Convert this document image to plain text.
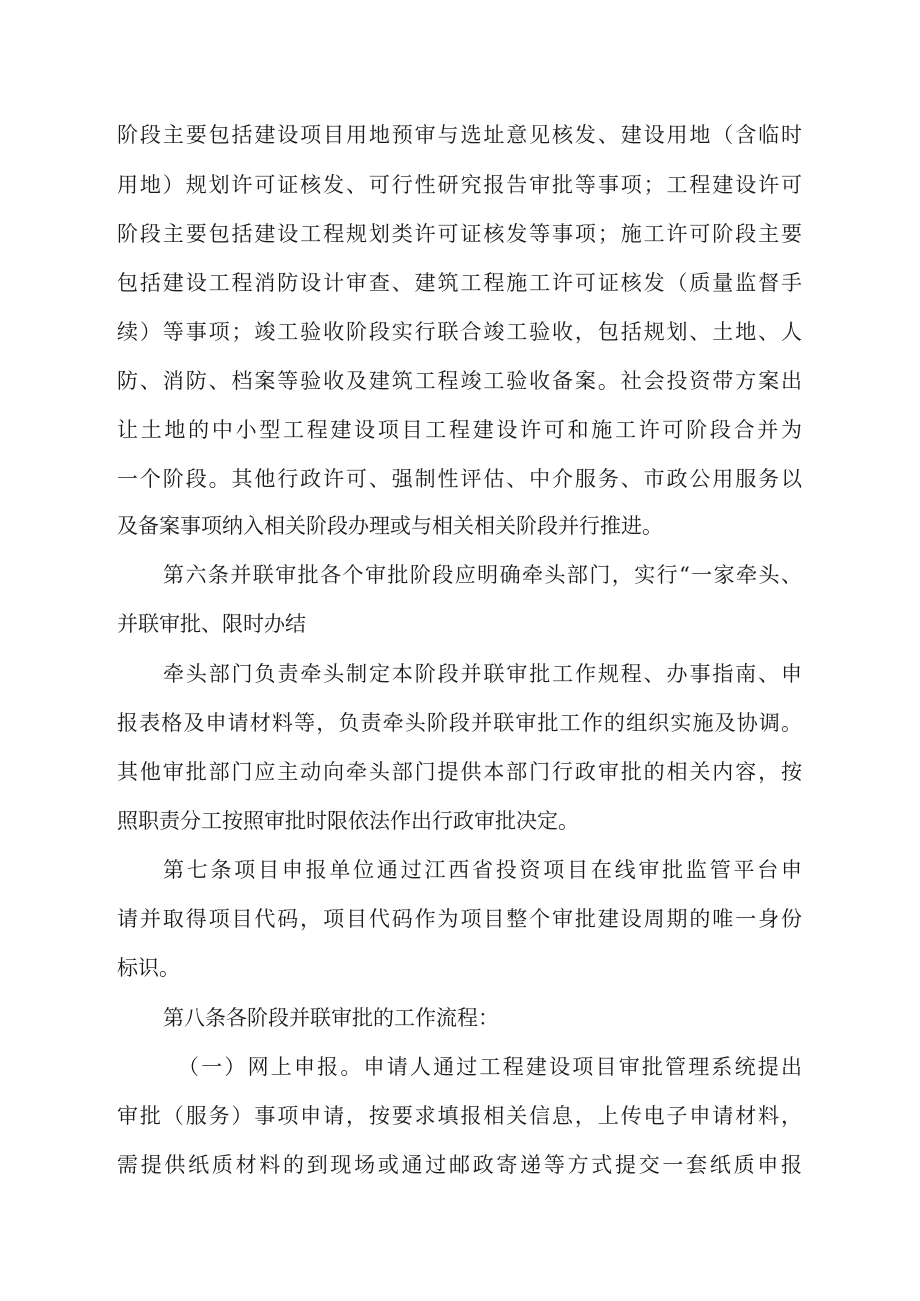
阶段主要包括建设项目用地预审与选址意见核发、建设用地（含临时
用地）规划许可证核发、可行性研究报告审批等事项；工程建设许可
阶段主要包括建设工程规划类许可证核发等事项；施工许可阶段主要
包括建设工程消防设计审查、建筑工程施工许可证核发（质量监督手
续）等事项；竣工验收阶段实行联合竣工验收，包括规划、土地、人
防、消防、档案等验收及建筑工程竣工验收备案。社会投资带方案出
让土地的中小型工程建设项目工程建设许可和施工许可阶段合并为
一个阶段。其他行政许可、强制性评估、中介服务、市政公用服务以
及备案事项纳入相关阶段办理或与相关相关阶段并行推进。
第六条并联审批各个审批阶段应明确牵头部门，实行“一家牵头、
并联审批、限时办结
牵头部门负责牵头制定本阶段并联审批工作规程、办事指南、申
报表格及申请材料等，负责牵头阶段并联审批工作的组织实施及协调。
其他审批部门应主动向牵头部门提供本部门行政审批的相关内容，按
照职责分工按照审批时限依法作出行政审批决定。
第七条项目申报单位通过江西省投资项目在线审批监管平台申
请并取得项目代码，项目代码作为项目整个审批建设周期的唯一身份
标识。
第八条各阶段并联审批的工作流程：
（一）网上申报。申请人通过工程建设项目审批管理系统提出
审批（服务）事项申请，按要求填报相关信息，上传电子申请材料，
需提供纸质材料的到现场或通过邮政寄递等方式提交一套纸质申报
